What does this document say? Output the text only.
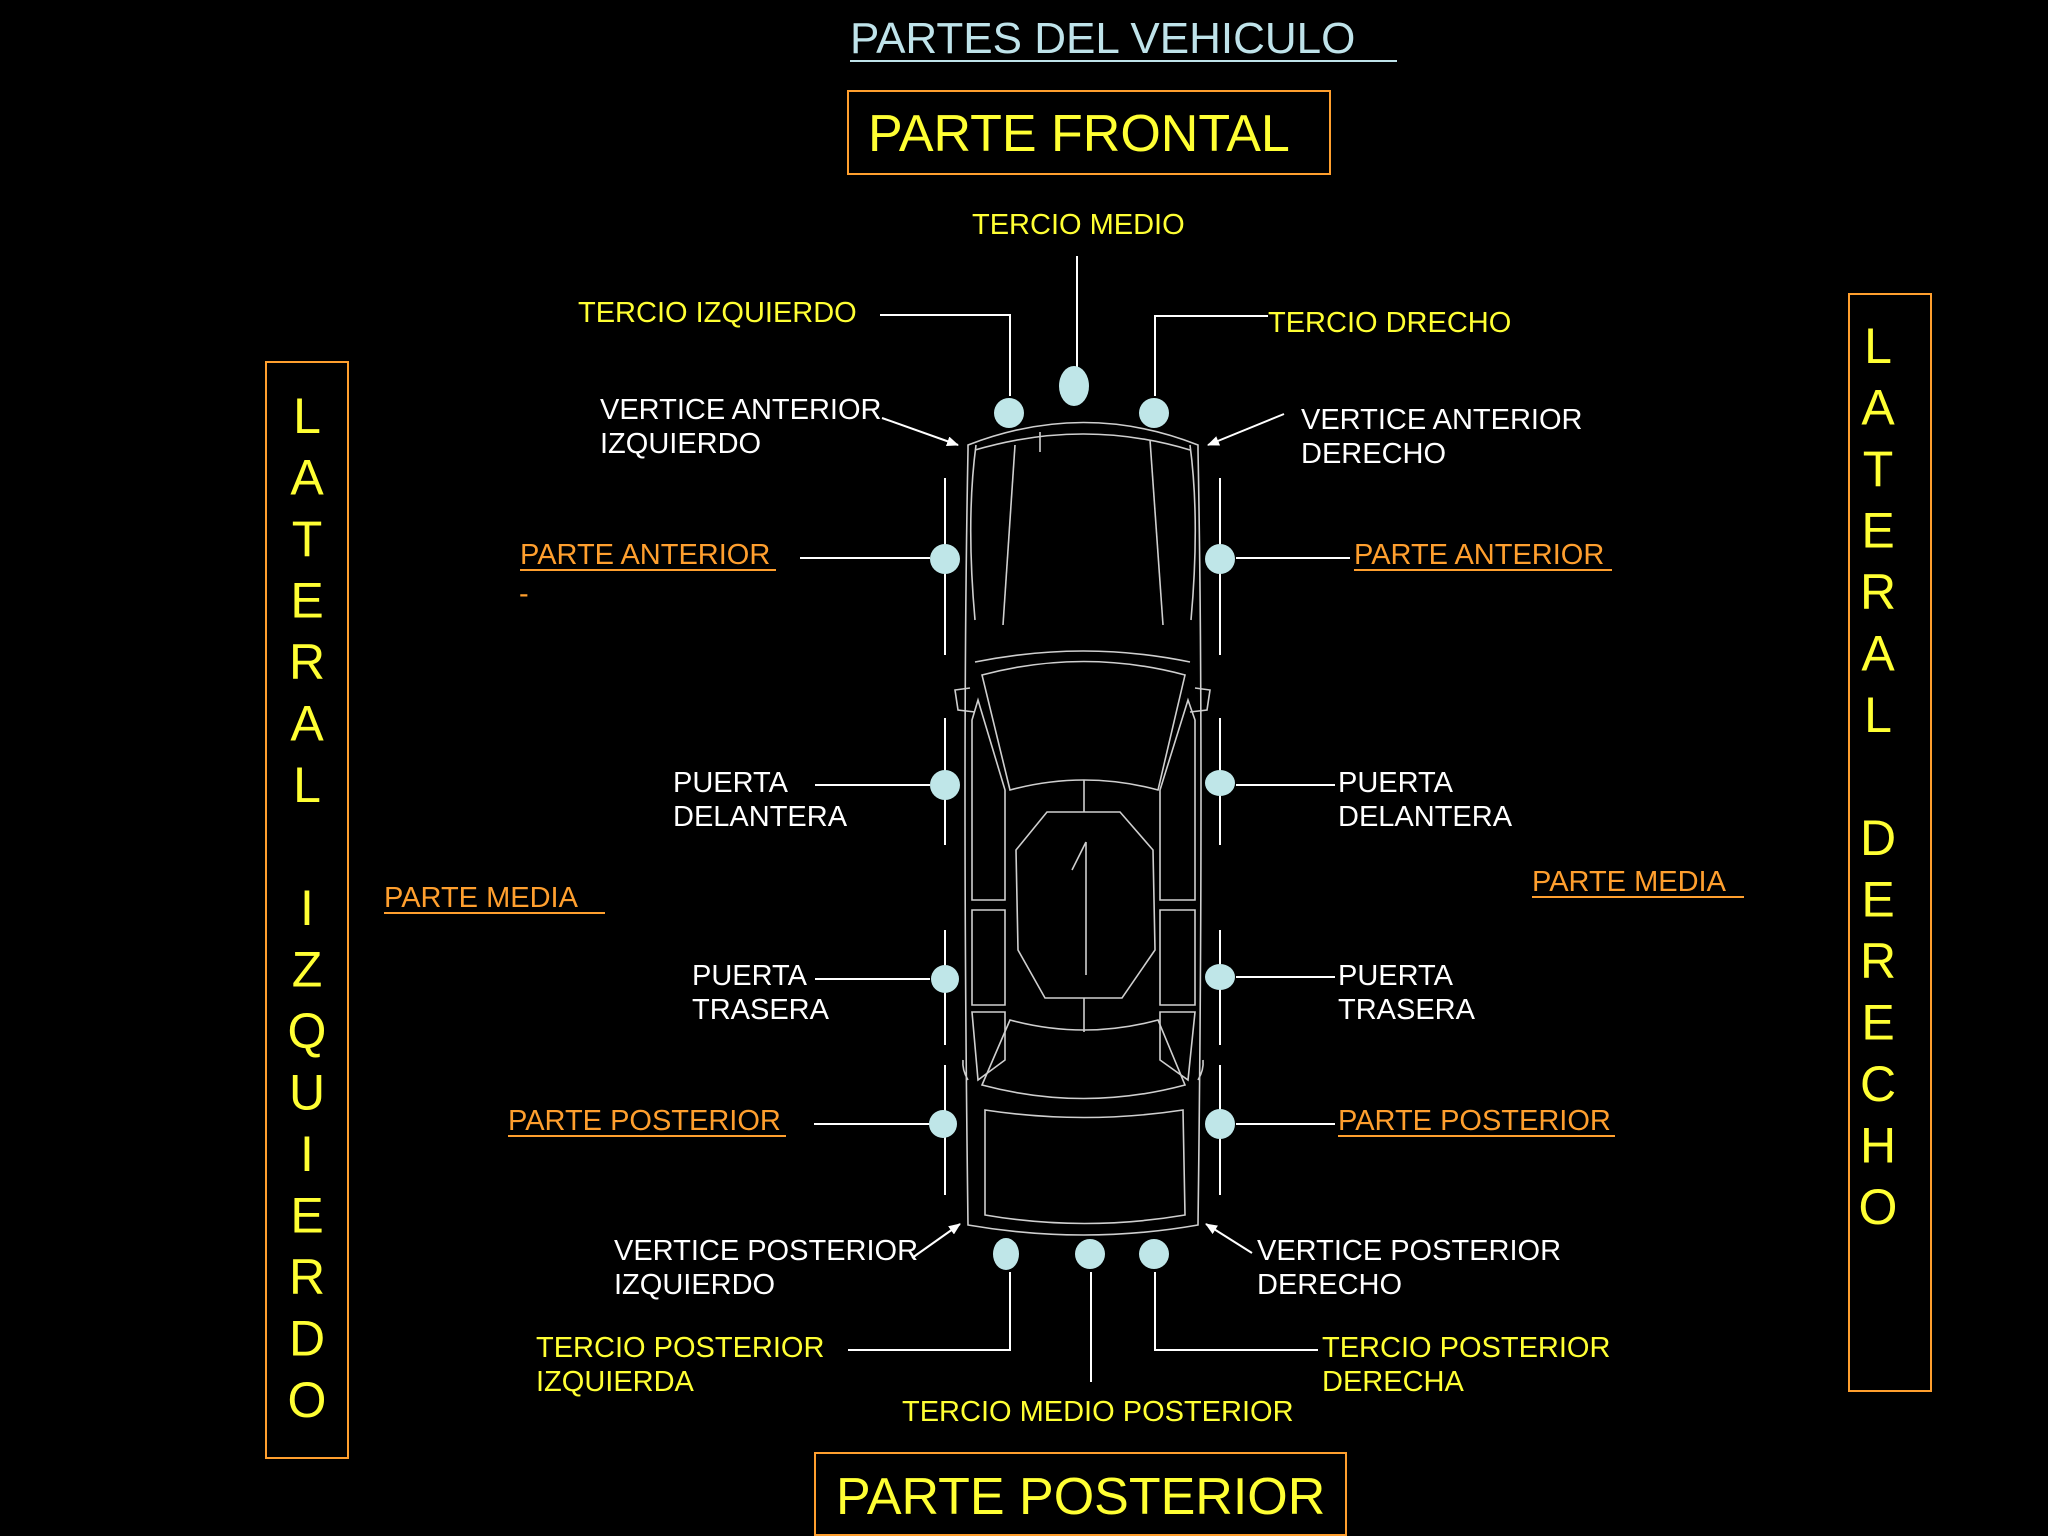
PARTES DEL VEHICULO
PARTE FRONTAL
PARTE POSTERIOR
L
A
T
E
R
A
L
I
Z
Q
U
I
E
R
D
O
L
A
T
E
R
A
L
D
E
R
E
C
H
O
TERCIO MEDIO
TERCIO IZQUIERDO	TERCIO DRECHO
VERTICE ANTERIOR
IZQUIERDO
VERTICE ANTERIOR
DERECHO
PARTE ANTERIOR
-
PUERTA
DELANTERA
PARTE MEDIA
PUERTA
TRASERA
PARTE POSTERIOR
PARTE ANTERIOR
PUERTA
DELANTERA
PARTE MEDIA
PUERTA
TRASERA
PARTE POSTERIOR
VERTICE POSTERIOR
IZQUIERDO
VERTICE POSTERIOR
DERECHO
TERCIO POSTERIOR
IZQUIERDA
TERCIO POSTERIOR
DERECHA
TERCIO MEDIO POSTERIOR
